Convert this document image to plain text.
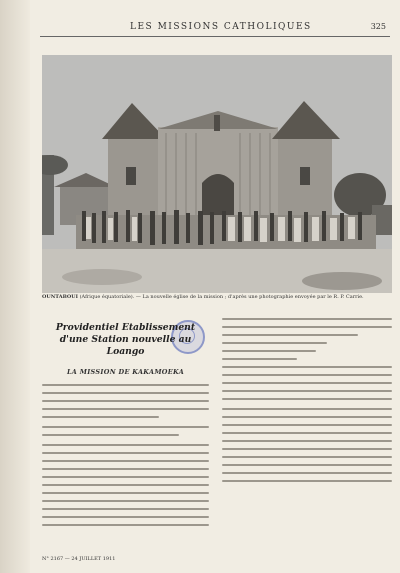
LES MISSIONS CATHOLIQUES	325
OUNTABOUI (Afrique équatoriale). — La nouvelle église de la mission ; d'après une photographie envoyée par le R. P. Carrie.
Providentiel Etablissement
d'une Station nouvelle au Loango
LA MISSION DE KAKAMOEKA
N° 2167 — 24 JUILLET 1911
